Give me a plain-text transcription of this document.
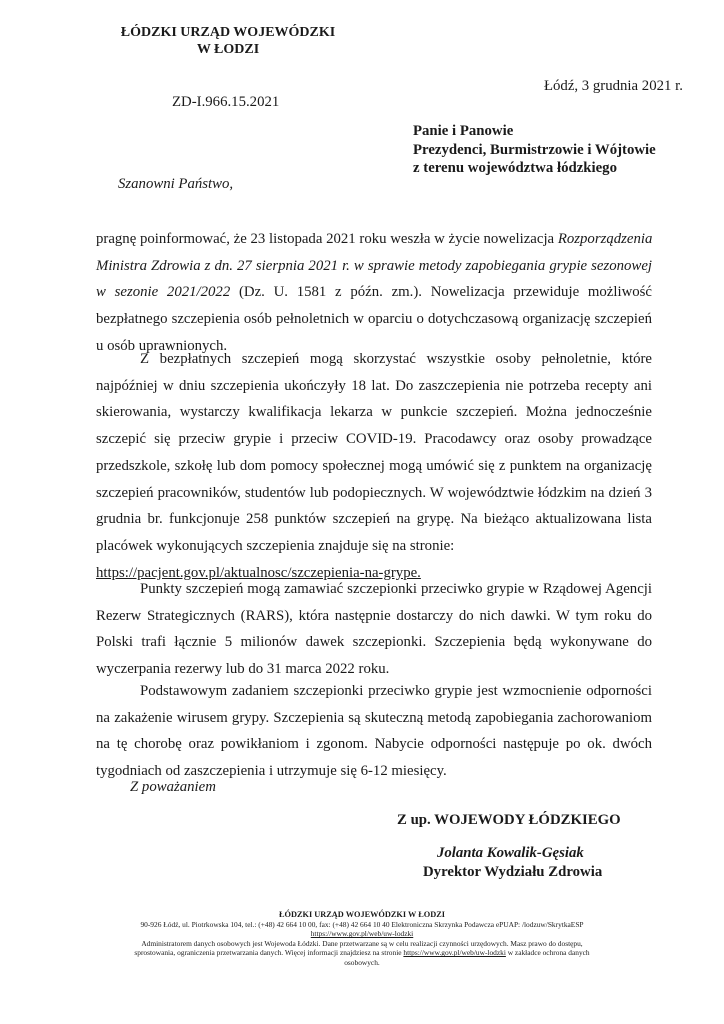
ŁÓDZKI URZĄD WOJEWÓDZKI
W ŁODZI
Łódź, 3 grudnia 2021 r.
ZD-I.966.15.2021
Panie i Panowie
Prezydenci, Burmistrzowie i Wójtowie
z terenu województwa łódzkiego
Szanowni Państwo,
pragnę poinformować, że 23 listopada 2021 roku weszła w życie nowelizacja Rozporządzenia
Ministra Zdrowia z dn. 27 sierpnia 2021 r. w sprawie metody zapobiegania grypie sezonowej
w sezonie 2021/2022 (Dz. U. 1581 z późn. zm.). Nowelizacja przewiduje możliwość
bezpłatnego szczepienia osób pełnoletnich w oparciu o dotychczasową organizację szczepień
u osób uprawnionych.
Z bezpłatnych szczepień mogą skorzystać wszystkie osoby pełnoletnie, które
najpóźniej w dniu szczepienia ukończyły 18 lat. Do zaszczepienia nie potrzeba recepty ani
skierowania, wystarczy kwalifikacja lekarza w punkcie szczepień. Można jednocześnie
szczepić się przeciw grypie i przeciw COVID-19. Pracodawcy oraz osoby prowadzące
przedszkole, szkołę lub dom pomocy społecznej mogą umówić się z punktem na organizację
szczepień pracowników, studentów lub podopiecznych. W województwie łódzkim na dzień 3
grudnia br. funkcjonuje 258 punktów szczepień na grypę. Na bieżąco aktualizowana lista
placówek wykonujących szczepienia znajduje się na stronie:
https://pacjent.gov.pl/aktualnosc/szczepienia-na-grype.
Punkty szczepień mogą zamawiać szczepionki przeciwko grypie w Rządowej Agencji
Rezerw Strategicznych (RARS), która następnie dostarczy do nich dawki. W tym roku do
Polski trafi łącznie 5 milionów dawek szczepionki. Szczepienia będą wykonywane do
wyczerpania rezerwy lub do 31 marca 2022 roku.
Podstawowym zadaniem szczepionki przeciwko grypie jest wzmocnienie odporności
na zakażenie wirusem grypy. Szczepienia są skuteczną metodą zapobiegania zachorowaniom
na tę chorobę oraz powikłaniom i zgonom. Nabycie odporności następuje po ok. dwóch
tygodniach od zaszczepienia i utrzymuje się 6-12 miesięcy.
Z poważaniem
Z up. WOJEWODY ŁÓDZKIEGO
Jolanta Kowalik-Gęsiak
Dyrektor Wydziału Zdrowia
ŁÓDZKI URZĄD WOJEWÓDZKI W ŁODZI
90-926 Łódź, ul. Piotrkowska 104, tel.: (+48) 42 664 10 00, fax: (+48) 42 664 10 40 Elektroniczna Skrzynka Podawcza ePUAP: /lodzuw/SkrytkaESP
https://www.gov.pl/web/uw-lodzki
Administratorem danych osobowych jest Wojewoda Łódzki. Dane przetwarzane są w celu realizacji czynności urzędowych. Masz prawo do dostępu,
sprostowania, ograniczenia przetwarzania danych. Więcej informacji znajdziesz na stronie https://www.gov.pl/web/uw-lodzki w zakładce ochrona danych
osobowych.
